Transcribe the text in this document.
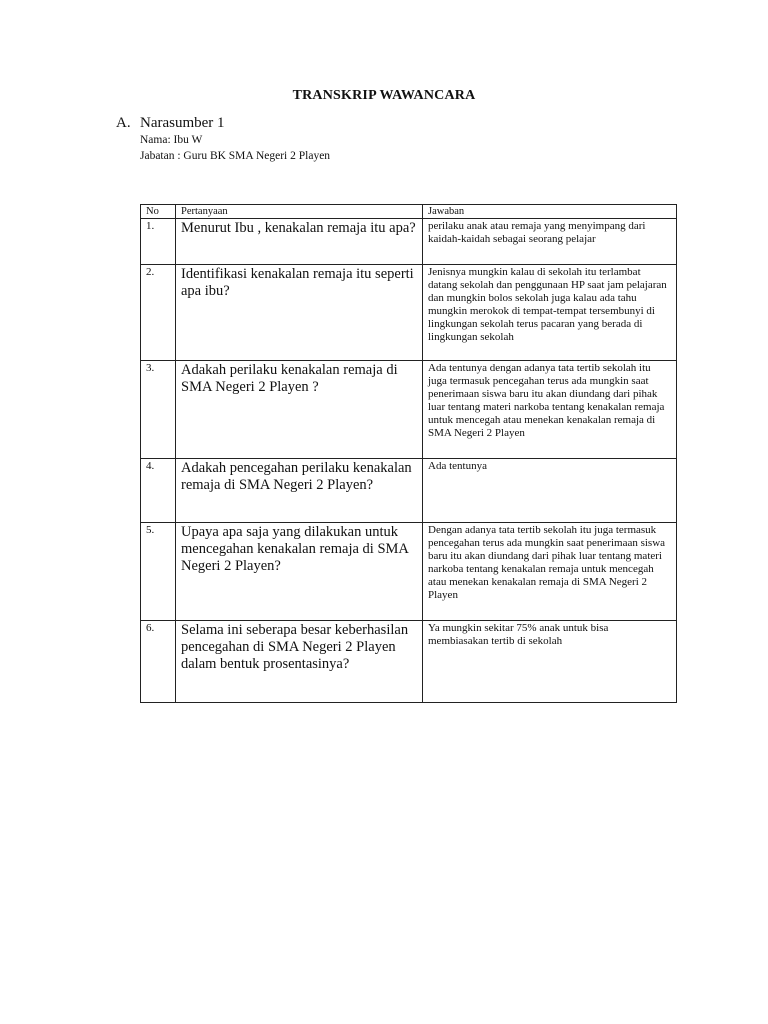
TRANSKRIP WAWANCARA
A. Narasumber 1
Nama: Ibu W
Jabatan : Guru BK SMA Negeri 2 Playen
No	Pertanyaan	Jawaban
1.	Menurut Ibu , kenakalan remaja itu apa?	perilaku anak atau remaja yang menyimpang dari kaidah-kaidah sebagai seorang pelajar
2.	Identifikasi kenakalan remaja itu seperti apa ibu?	Jenisnya mungkin kalau di sekolah itu terlambat datang sekolah dan penggunaan HP saat jam pelajaran dan mungkin bolos sekolah juga kalau ada tahu mungkin merokok di tempat-tempat tersembunyi di lingkungan sekolah terus pacaran yang berada di lingkungan sekolah
3.	Adakah perilaku kenakalan remaja di SMA Negeri 2 Playen ?	Ada tentunya dengan adanya tata tertib sekolah itu juga termasuk pencegahan terus ada mungkin saat penerimaan siswa baru itu akan diundang dari pihak luar tentang materi narkoba tentang kenakalan remaja untuk mencegah atau menekan kenakalan remaja di SMA Negeri 2 Playen
4.	Adakah pencegahan perilaku kenakalan remaja di SMA Negeri 2 Playen?	Ada tentunya
5.	Upaya apa saja yang dilakukan untuk mencegahan kenakalan remaja di SMA Negeri 2 Playen?	Dengan adanya tata tertib sekolah itu juga termasuk pencegahan terus ada mungkin saat penerimaan siswa baru itu akan diundang dari pihak luar tentang materi narkoba tentang kenakalan remaja untuk mencegah atau menekan kenakalan remaja di SMA Negeri 2 Playen
6.	Selama ini seberapa besar keberhasilan pencegahan di SMA Negeri 2 Playen dalam bentuk prosentasinya?	Ya mungkin sekitar 75% anak untuk bisa membiasakan tertib di sekolah
